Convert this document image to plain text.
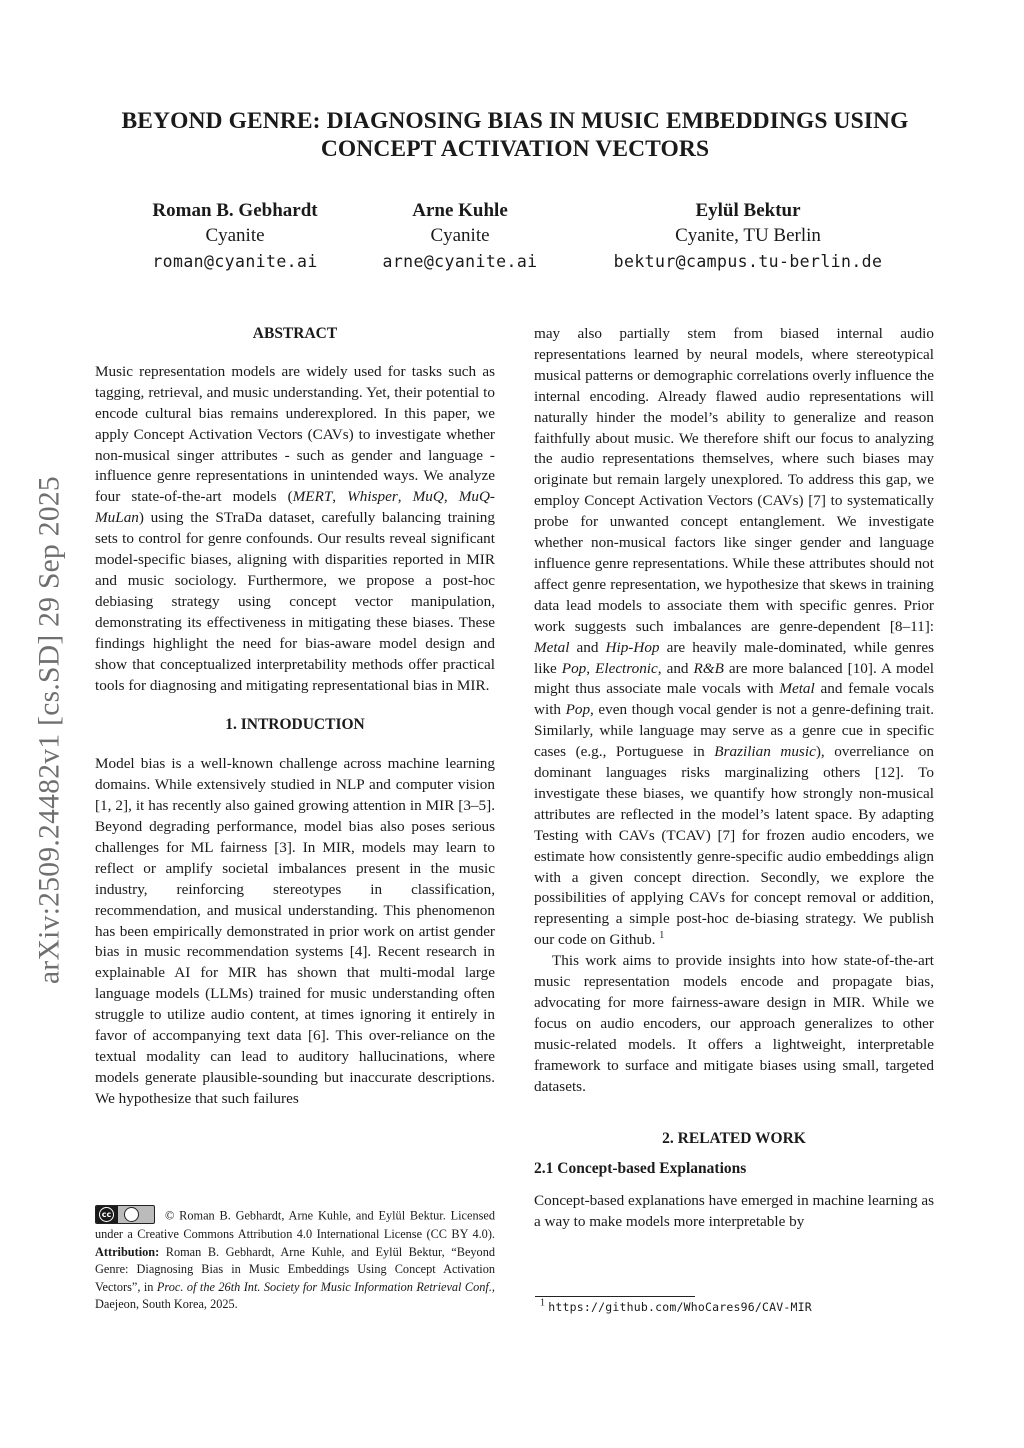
arXiv:2509.24482v1 [cs.SD] 29 Sep 2025
BEYOND GENRE: DIAGNOSING BIAS IN MUSIC EMBEDDINGS USING
CONCEPT ACTIVATION VECTORS
Roman B. Gebhardt
Cyanite
roman@cyanite.ai
Arne Kuhle
Cyanite
arne@cyanite.ai
Eylül Bektur
Cyanite, TU Berlin
bektur@campus.tu-berlin.de

ABSTRACT

Music representation models are widely used for tasks such as tagging, retrieval, and music understanding. Yet, their potential to encode cultural bias remains underexplored. In this paper, we apply Concept Activation Vectors (CAVs) to investigate whether non-musical singer attributes - such as gender and language - influence genre representations in unintended ways. We analyze four state-of-the-art models (MERT, Whisper, MuQ, MuQ-MuLan) using the STraDa dataset, carefully balancing training sets to control for genre confounds. Our results reveal significant model-specific biases, aligning with disparities reported in MIR and music sociology. Furthermore, we propose a post-hoc debiasing strategy using concept vector manipulation, demonstrating its effectiveness in mitigating these biases. These findings highlight the need for bias-aware model design and show that conceptualized interpretability methods offer practical tools for diagnosing and mitigating representational bias in MIR.

1. INTRODUCTION

Model bias is a well-known challenge across machine learning domains. While extensively studied in NLP and computer vision [1, 2], it has recently also gained growing attention in MIR [3–5]. Beyond degrading performance, model bias also poses serious challenges for ML fairness [3]. In MIR, models may learn to reflect or amplify societal imbalances present in the music industry, reinforcing stereotypes in classification, recommendation, and musical understanding. This phenomenon has been empirically demonstrated in prior work on artist gender bias in music recommendation systems [4]. Recent research in explainable AI for MIR has shown that multi-modal large language models (LLMs) trained for music understanding often struggle to utilize audio content, at times ignoring it entirely in favor of accompanying text data [6]. This over-reliance on the textual modality can lead to auditory hallucinations, where models generate plausible-sounding but inaccurate descriptions. We hypothesize that such failures

may also partially stem from biased internal audio representations learned by neural models, where stereotypical musical patterns or demographic correlations overly influence the internal encoding. Already flawed audio representations will naturally hinder the model’s ability to generalize and reason faithfully about music. We therefore shift our focus to analyzing the audio representations themselves, where such biases may originate but remain largely unexplored. To address this gap, we employ Concept Activation Vectors (CAVs) [7] to systematically probe for unwanted concept entanglement. We investigate whether non-musical factors like singer gender and language influence genre representations. While these attributes should not affect genre representation, we hypothesize that skews in training data lead models to associate them with specific genres. Prior work suggests such imbalances are genre-dependent [8–11]: Metal and Hip-Hop are heavily male-dominated, while genres like Pop, Electronic, and R&B are more balanced [10]. A model might thus associate male vocals with Metal and female vocals with Pop, even though vocal gender is not a genre-defining trait. Similarly, while language may serve as a genre cue in specific cases (e.g., Portuguese in Brazilian music), overreliance on dominant languages risks marginalizing others [12]. To investigate these biases, we quantify how strongly non-musical attributes are reflected in the model’s latent space. By adapting Testing with CAVs (TCAV) [7] for frozen audio encoders, we estimate how consistently genre-specific audio embeddings align with a given concept direction. Secondly, we explore the possibilities of applying CAVs for concept removal or addition, representing a simple post-hoc de-biasing strategy. We publish our code on Github. $^1$

This work aims to provide insights into how state-of-the-art music representation models encode and propagate bias, advocating for more fairness-aware design in MIR. While we focus on audio encoders, our approach generalizes to other music-related models. It offers a lightweight, interpretable framework to surface and mitigate biases using small, targeted datasets.

2. RELATED WORK

2.1 Concept-based Explanations

Concept-based explanations have emerged in machine learning as a way to make models more interpretable by

cc	© Roman B. Gebhardt, Arne Kuhle, and Eylül Bektur. Licensed under a Creative Commons Attribution 4.0 International License (CC BY 4.0). Attribution: Roman B. Gebhardt, Arne Kuhle, and Eylül Bektur, “Beyond Genre: Diagnosing Bias in Music Embeddings Using Concept Activation Vectors”, in Proc. of the 26th Int. Society for Music Information Retrieval Conf., Daejeon, South Korea, 2025.	$^1$ https://github.com/WhoCares96/CAV-MIR
